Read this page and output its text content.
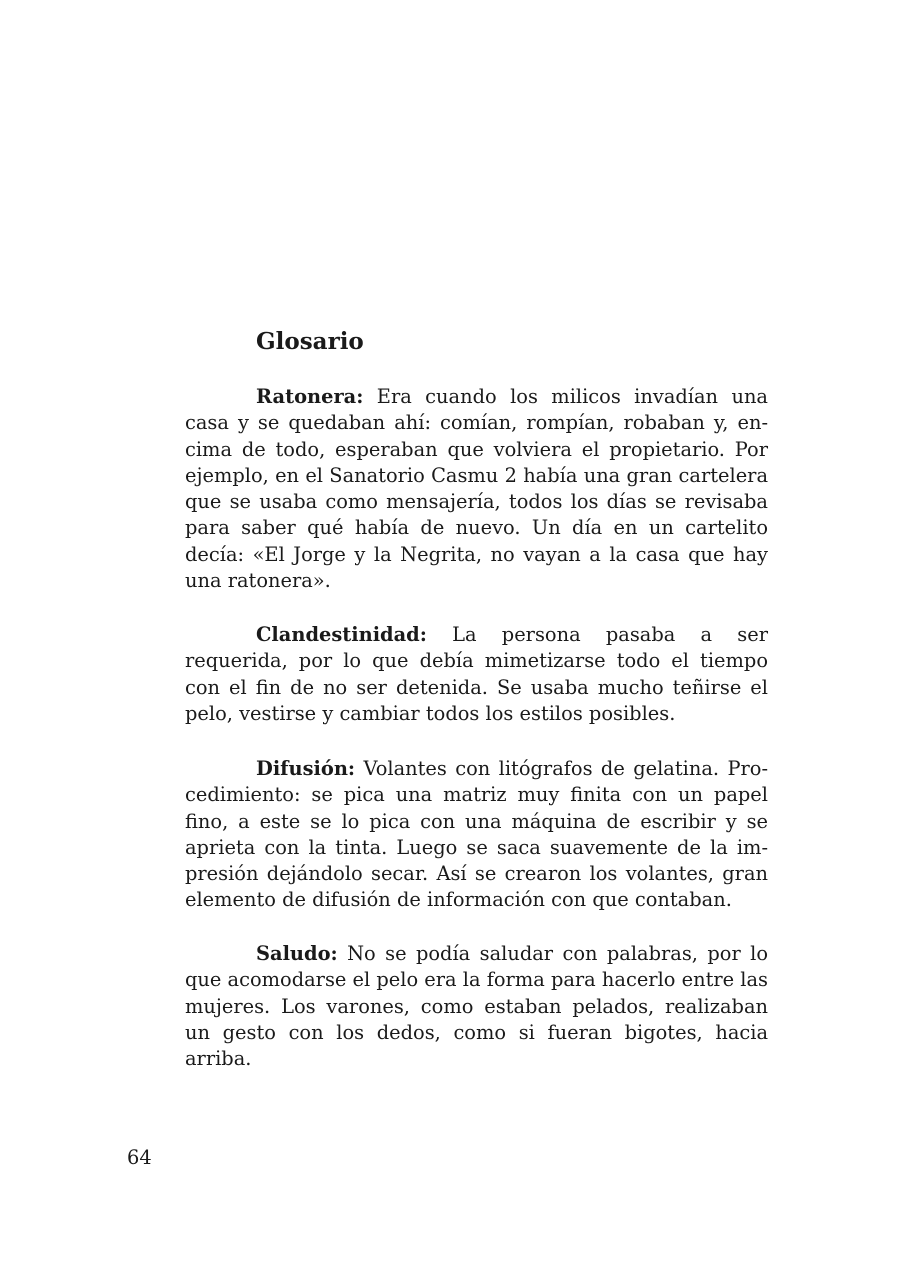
Glosario

Ratonera: Era cuando los milicos invadían una casa y se quedaban ahí: comían, rompían, robaban y, encima de todo, esperaban que volviera el propietario. Por ejemplo, en el Sanatorio Casmu 2 había una gran cartelera que se usaba como mensajería, todos los días se revisaba para saber qué había de nuevo. Un día en un cartelito decía: «El Jorge y la Negrita, no vayan a la casa que hay una ratonera».

Clandestinidad: La persona pasaba a ser requerida, por lo que debía mimetizarse todo el tiempo con el fin de no ser detenida. Se usaba mucho teñirse el pelo, vestirse y cambiar todos los estilos posibles.

Difusión: Volantes con litógrafos de gelatina. Procedimiento: se pica una matriz muy finita con un papel fino, a este se lo pica con una máquina de escribir y se aprieta con la tinta. Luego se saca suavemente de la impresión dejándolo secar. Así se crearon los volantes, gran elemento de difusión de información con que contaban.

Saludo: No se podía saludar con palabras, por lo que acomodarse el pelo era la forma para hacerlo entre las mujeres. Los varones, como estaban pelados, realizaban un gesto con los dedos, como si fueran bigotes, hacia arriba.

64
